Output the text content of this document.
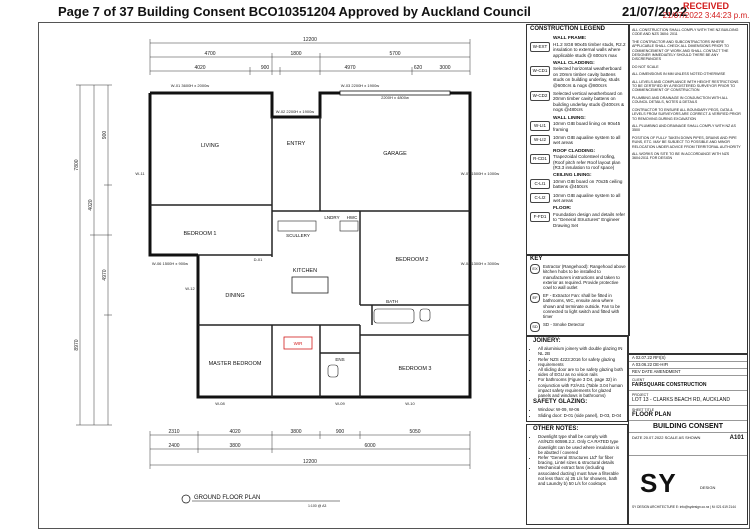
Page 7 of 37 Building Consent BCO10351204 Approved by Auckland Council	21/07/2022
RECEIVED
21/07/2022 3:44:23 p.m.
12200
4700	1800	5700
4020	900	4970	620	3000
7800
8970
4020
900
4970
LIVING	ENTRY
GARAGE
BEDROOM 1
BEDROOM 2
DINING
KITCHEN
MASTER BEDROOM
BEDROOM 3
SCULLERY
BATH
ENS
WIR
LNDRY HWC
W-01 3600H x 2000w
W-02 2200H x 1900w
W-03 2200H x 1900w
W-08	W-09	W-10
W-06 1500H x 900w
W-11
W-12
W-07 1500H x 1000w
W-04 1300H x 3000w
D-01
2200H x 4800w
2310	4020	3800	900	5050
2400	3800	6000
12200
GROUND FLOOR PLAN
1:100 @ A3
CONSTRUCTION LEGEND
WALL FRAME:
W-EXT	H1.2 SG8 90x45 timber studs, R2.2 insulation to external walls where applicable studs @ 600crs max
WALL CLADDING:
W-CD1	Selected horizontal weatherboard on 20mm timber cavity battens studs on building underlay, studs @600crs & nogs @800crs
W-CD2	Selected vertical weatherboard on 20mm timber cavity battens on building underlay studs @400crs & nogs @480crs
WALL LINING:
W-LI1	10mm GIB board lining on 90x45 framing
W-LI2	10mm GIB aqualine system to all wet areas
ROOF CLADDING:
R-CD1	Trapezoidal Colorsteel roofing, (Roof pitch refer Roof layout plan (R3.3 insulation to roof space)
CEILING LINING:
C-LI1	10mm GIB board on 70x35 ceiling battens @450crs
C-LI2	10mm GIB aqualine system to all wet areas
FLOOR:
F-FD1	Foundation design and details refer to "General Structures" Engineer Drawing Set

ALL CONSTRUCTION SHALL COMPLY WITH THE NZ BUILDING CODE AND NZS 3604: 2011

THE CONTRACTOR AND SUBCONTRACTORS WHERE APPLICABLE SHALL CHECK ALL DIMENSIONS PRIOR TO COMMENCEMENT OF WORK AND SHALL CONTACT THE DESIGNER IMMEDIATELY SHOULD THERE BE ANY DISCREPANCIES

DO NOT SCALE

ALL DIMENSIONS IN MM UNLESS NOTED OTHERWISE

ALL LEVELS AND COMPLIANCE WITH HEIGHT RESTRICTIONS TO BE CERTIFIED BY A REGISTERED SURVEYOR PRIOR TO COMMENCEMENT OF CONSTRUCTION

PLUMBING AND DRAINAGE IN CONJUNCTION WITH ALL COUNCIL DETAILS, NOTES & DETAILS

CONTRACTOR TO ENSURE ALL BOUNDARY PEGS, DATA & LEVELS FROM SURVEYORS ARE CORRECT & VERIFIED PRIOR TO REMOVING DURING EXCAVATION

ALL PLUMBING AND DRAINAGE SHALL COMPLY WITH NZ AS 3500

POSITION OF FULLY TAKEN DOWN PIPES, DRAINS AND PIPE RUNS, ETC. MAY BE SUBJECT TO POSSIBLE AND MINOR RELOCATION UNDER ADVICE FROM TERRITORIAL AUTHORITY

ALL WORKS ON SITE TO BE IN ACCORDANCE WITH NZS 3604:2011 FOR DESIGN

KEY
EX	Extractor (Rangehood): Rangehood above kitchen hobs to be installed to manufacturers instructions and taken to exterior as required. Provide protective cowl to wall outlet
EF	EF - Extractor Fan: shall be fitted in bathrooms, WC, ensuite area where shown and terminate outside. Fan to be connected to light switch and fitted with timer
SD	SD - Smoke Detector
JOINERY:
• All aluminium joinery with double glazing IN NL 2B
• Refer NZS 4223:2016 for safety glazing requirements
• All sliding door are to be safety glazing both sides of EGU as no vision rails
• For bathrooms (Figure 3 D4, page 32) in conjunction with F2/AS1 (Table 3.04 human impact safety requirements for glazed panels and windows in bathrooms)
SAFETY GLAZING:
• Window: W-09, W-06
• Sliding door: D-01 (side panel), D-03, D-04
OTHER NOTES:
• Downlight type shall be comply with AS/NZS 60598.2.2. Only CA RATED type downlight can be used where insulation is be abutted / covered
• Refer "General Structures Ltd" for fiber bracing, Lintel sizes & structural details
• Mechanical extract fans (including associated ducting) must have a filterable not less than: a) 25 L/s for showers, bath and Laundry b) 50 L/s for cooktops
A 02.07.22 RFI(S)
A 03.06.22 DE-HIFI
REV DATE AMENDMENT
CLIENT
FAIRSQUARE CONSTRUCTION
PROJECT
LOT 13 - CLARKS BEACH RD, AUCKLAND
SHEET TITLE
FLOOR PLAN
BUILDING CONSENT
DATE 20.07.2022 SCALE AS SHOWN	A101
SY	DESIGN
SY DESIGN ARCHITECTURE E: info@sydesign.co.nz | M: 021 619 2144
